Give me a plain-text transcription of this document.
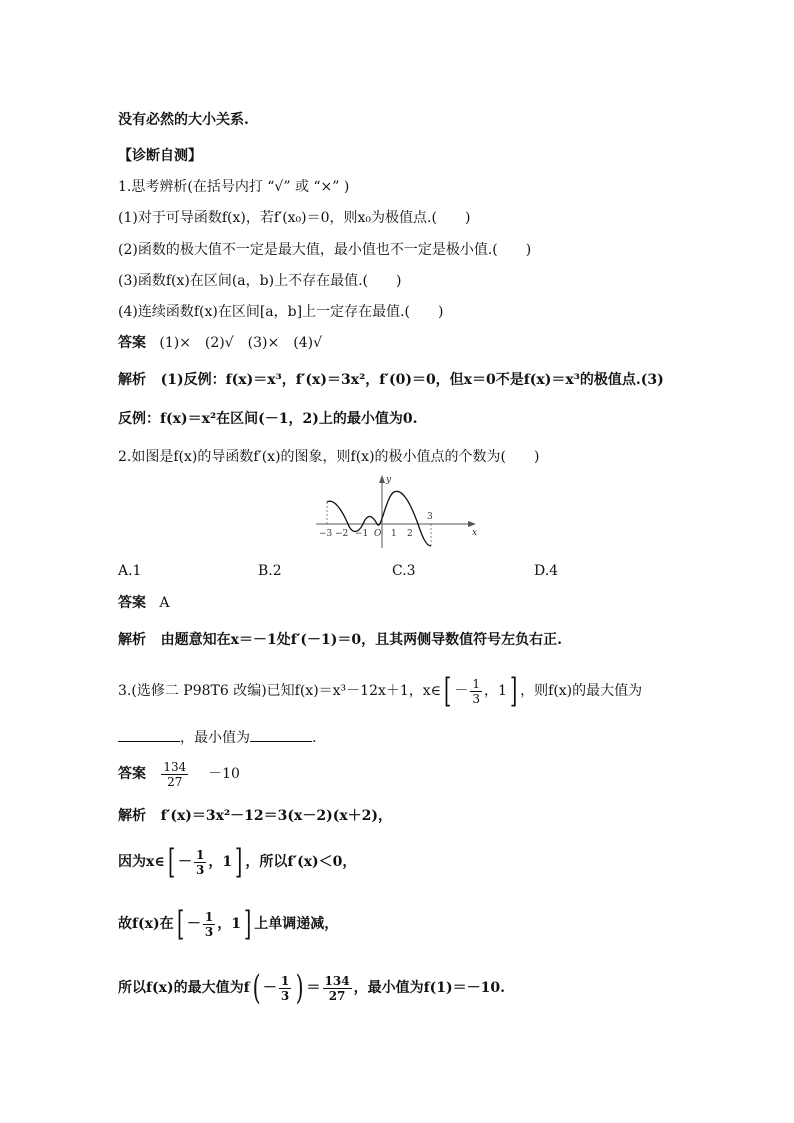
没有必然的大小关系.
【诊断自测】
1.思考辨析(在括号内打 “√” 或 “×” )
(1)对于可导函数f(x)，若f′(x₀)＝0，则x₀为极值点.(　　)
(2)函数的极大值不一定是最大值，最小值也不一定是极小值.(　　)
(3)函数f(x)在区间(a，b)上不存在最值.(　　)
(4)连续函数f(x)在区间[a，b]上一定存在最值.(　　)
答案 (1)×　(2)√　(3)×　(4)√
解析 (1)反例：f(x)＝x³，f′(x)＝3x²，f′(0)＝0，但x＝0不是f(x)＝x³的极值点.(3)
反例：f(x)＝x²在区间(－1，2)上的最小值为0.
2.如图是f(x)的导函数f′(x)的图象，则f(x)的极小值点的个数为(　　)
y
x
−3 −2 −1 O 1 2
3
A.1	B.2	C.3	D.4
答案 A
解析 由题意知在x＝－1处f′(－1)＝0，且其两侧导数值符号左负右正.
3.(选修二 P98T6 改编)已知f(x)＝x³－12x＋1，x∈[ － $\frac{1}{3}$ ，1] ，则f(x)的最大值为
，最小值为	.
答案 $\frac{134}{27} -10$
解析 f′(x)＝3x²－12＝3(x－2)(x＋2)，
因为x∈[ － $\frac{1}{3}$ ，1] ，所以f′(x)＜0，
故f(x)在[ － $\frac{1}{3}$ ，1] 上单调递减，
所以f(x)的最大值为$f( - \frac{1}{3}$ ) ＝ $\frac{134}{27}$ ，最小值为f(1)＝－10.
